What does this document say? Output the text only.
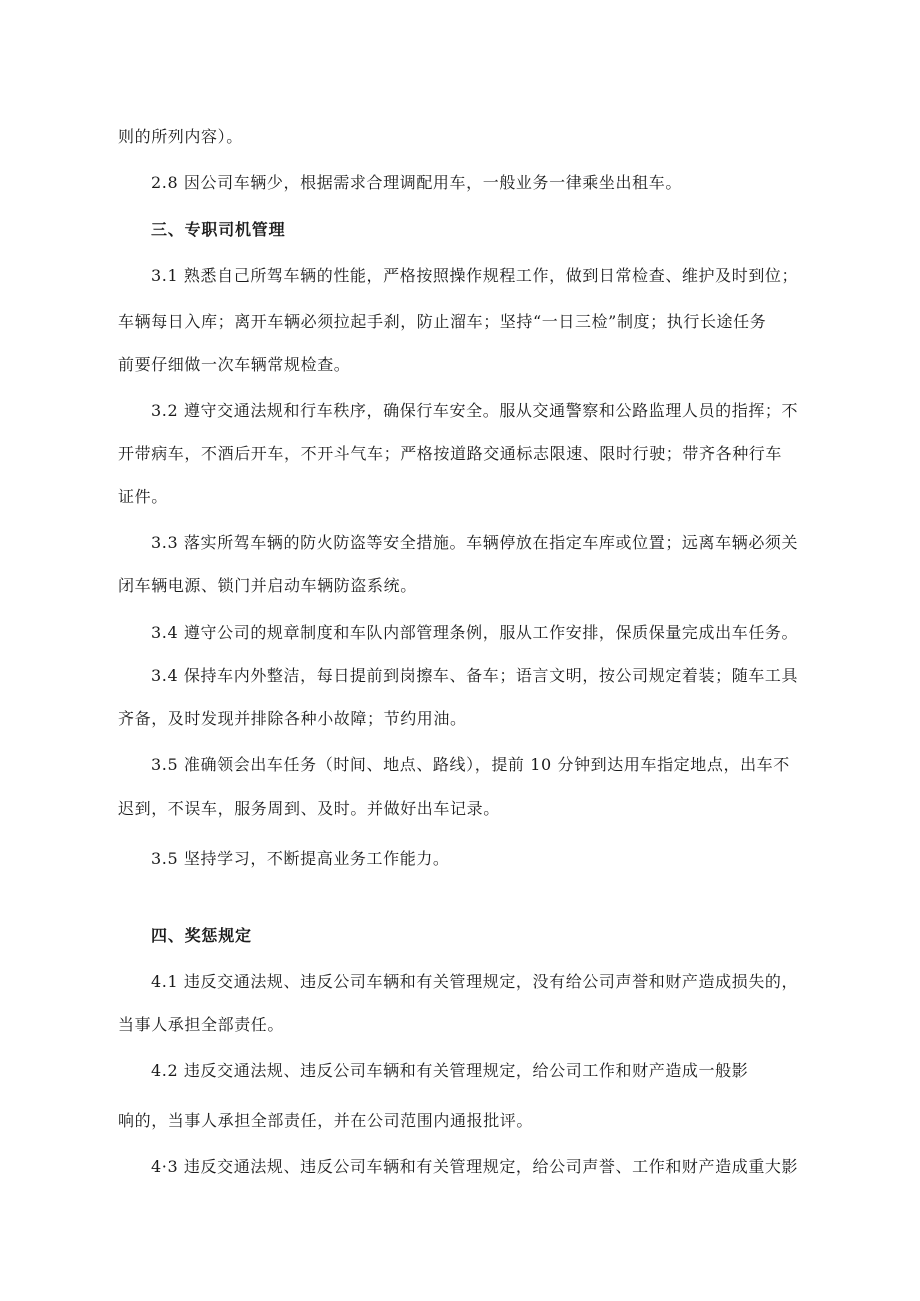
则的所列内容）。
2.8 因公司车辆少，根据需求合理调配用车，一般业务一律乘坐出租车。
三、专职司机管理
3.1 熟悉自己所驾车辆的性能，严格按照操作规程工作，做到日常检查、维护及时到位；
车辆每日入库；离开车辆必须拉起手刹，防止溜车；坚持“一日三检”制度；执行长途任务
前要仔细做一次车辆常规检查。
3.2 遵守交通法规和行车秩序，确保行车安全。服从交通警察和公路监理人员的指挥；不
开带病车，不酒后开车，不开斗气车；严格按道路交通标志限速、限时行驶；带齐各种行车
证件。
3.3 落实所驾车辆的防火防盗等安全措施。车辆停放在指定车库或位置；远离车辆必须关
闭车辆电源、锁门并启动车辆防盗系统。
3.4 遵守公司的规章制度和车队内部管理条例，服从工作安排，保质保量完成出车任务。
3.4 保持车内外整洁，每日提前到岗擦车、备车；语言文明，按公司规定着装；随车工具
齐备，及时发现并排除各种小故障；节约用油。
3.5 准确领会出车任务（时间、地点、路线），提前 10 分钟到达用车指定地点，出车不
迟到，不误车，服务周到、及时。并做好出车记录。
3.5 坚持学习，不断提高业务工作能力。
四、奖惩规定
4.1 违反交通法规、违反公司车辆和有关管理规定，没有给公司声誉和财产造成损失的，
当事人承担全部责任。
4.2 违反交通法规、违反公司车辆和有关管理规定，给公司工作和财产造成一般影
响的，当事人承担全部责任，并在公司范围内通报批评。
4·3 违反交通法规、违反公司车辆和有关管理规定，给公司声誉、工作和财产造成重大影
